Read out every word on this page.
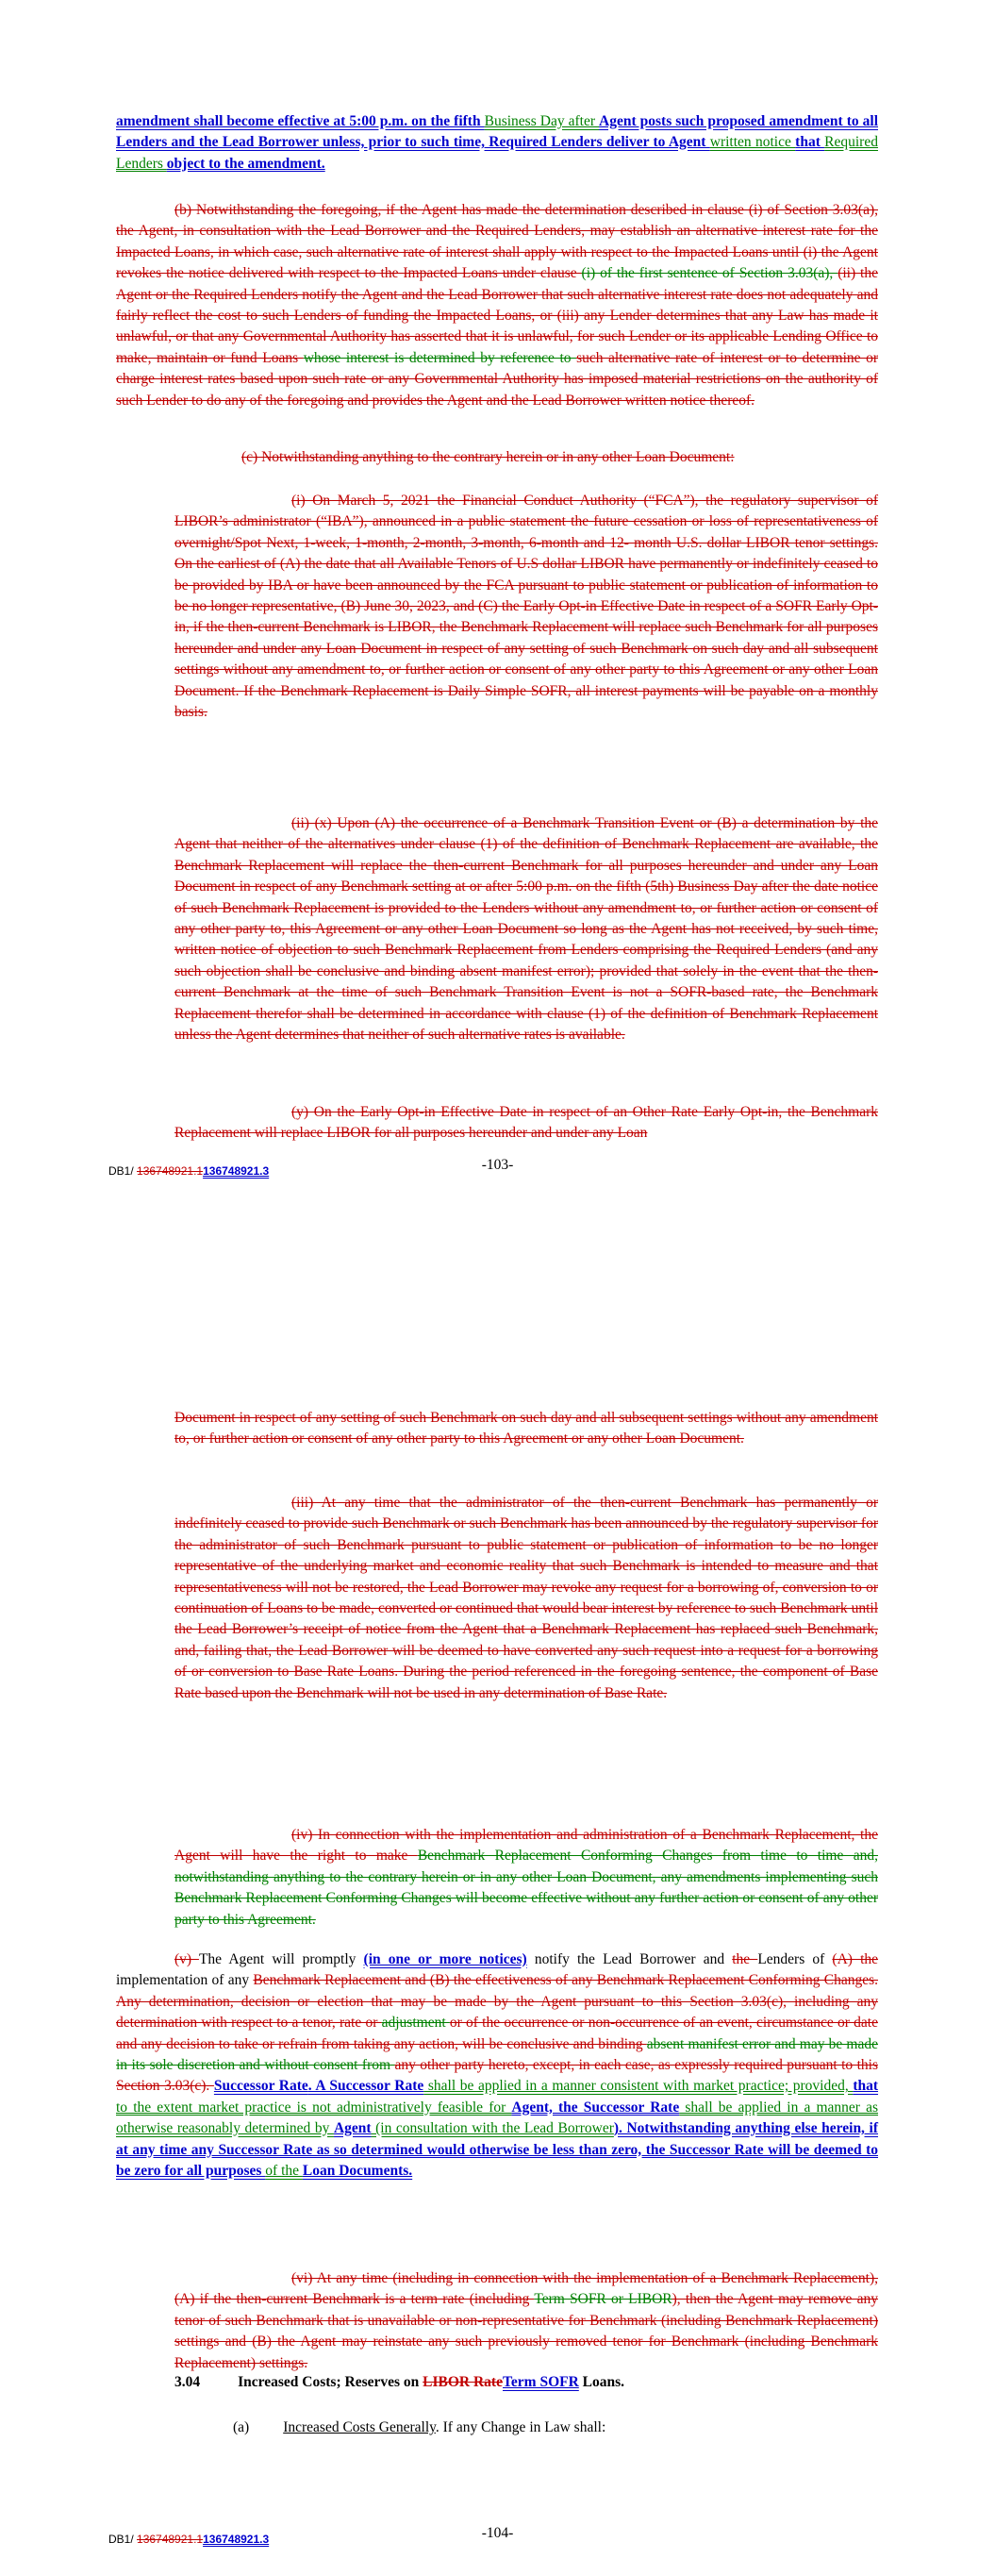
amendment shall become effective at 5:00 p.m. on the fifth Business Day after Agent posts such proposed amendment to all Lenders and the Lead Borrower unless, prior to such time, Required Lenders deliver to Agent written notice that Required Lenders object to the amendment.
(b) Notwithstanding the foregoing, if the Agent has made the determination described in clause (i) of Section 3.03(a), the Agent, in consultation with the Lead Borrower and the Required Lenders, may establish an alternative interest rate for the Impacted Loans, in which case, such alternative rate of interest shall apply with respect to the Impacted Loans until (i) the Agent revokes the notice delivered with respect to the Impacted Loans under clause (i) of the first sentence of Section 3.03(a), (ii) the Agent or the Required Lenders notify the Agent and the Lead Borrower that such alternative interest rate does not adequately and fairly reflect the cost to such Lenders of funding the Impacted Loans, or (iii) any Lender determines that any Law has made it unlawful, or that any Governmental Authority has asserted that it is unlawful, for such Lender or its applicable Lending Office to make, maintain or fund Loans whose interest is determined by reference to such alternative rate of interest or to determine or charge interest rates based upon such rate or any Governmental Authority has imposed material restrictions on the authority of such Lender to do any of the foregoing and provides the Agent and the Lead Borrower written notice thereof.
(c) Notwithstanding anything to the contrary herein or in any other Loan Document:
(i) On March 5, 2021 the Financial Conduct Authority (“FCA”), the regulatory supervisor of LIBOR’s administrator (“IBA”), announced in a public statement the future cessation or loss of representativeness of overnight/Spot Next, 1-week, 1-month, 2-month, 3-month, 6-month and 12- month U.S. dollar LIBOR tenor settings. On the earliest of (A) the date that all Available Tenors of U.S dollar LIBOR have permanently or indefinitely ceased to be provided by IBA or have been announced by the FCA pursuant to public statement or publication of information to be no longer representative, (B) June 30, 2023, and (C) the Early Opt-in Effective Date in respect of a SOFR Early Opt-in, if the then-current Benchmark is LIBOR, the Benchmark Replacement will replace such Benchmark for all purposes hereunder and under any Loan Document in respect of any setting of such Benchmark on such day and all subsequent settings without any amendment to, or further action or consent of any other party to this Agreement or any other Loan Document. If the Benchmark Replacement is Daily Simple SOFR, all interest payments will be payable on a monthly basis.
(ii) (x) Upon (A) the occurrence of a Benchmark Transition Event or (B) a determination by the Agent that neither of the alternatives under clause (1) of the definition of Benchmark Replacement are available, the Benchmark Replacement will replace the then-current Benchmark for all purposes hereunder and under any Loan Document in respect of any Benchmark setting at or after 5:00 p.m. on the fifth (5th) Business Day after the date notice of such Benchmark Replacement is provided to the Lenders without any amendment to, or further action or consent of any other party to, this Agreement or any other Loan Document so long as the Agent has not received, by such time, written notice of objection to such Benchmark Replacement from Lenders comprising the Required Lenders (and any such objection shall be conclusive and binding absent manifest error); provided that solely in the event that the then-current Benchmark at the time of such Benchmark Transition Event is not a SOFR-based rate, the Benchmark Replacement therefor shall be determined in accordance with clause (1) of the definition of Benchmark Replacement unless the Agent determines that neither of such alternative rates is available.
(y) On the Early Opt-in Effective Date in respect of an Other Rate Early Opt-in, the Benchmark Replacement will replace LIBOR for all purposes hereunder and under any Loan
DB1/ 136748921.1136748921.3	-103-
Document in respect of any setting of such Benchmark on such day and all subsequent settings without any amendment to, or further action or consent of any other party to this Agreement or any other Loan Document.
(iii) At any time that the administrator of the then-current Benchmark has permanently or indefinitely ceased to provide such Benchmark or such Benchmark has been announced by the regulatory supervisor for the administrator of such Benchmark pursuant to public statement or publication of information to be no longer representative of the underlying market and economic reality that such Benchmark is intended to measure and that representativeness will not be restored, the Lead Borrower may revoke any request for a borrowing of, conversion to or continuation of Loans to be made, converted or continued that would bear interest by reference to such Benchmark until the Lead Borrower’s receipt of notice from the Agent that a Benchmark Replacement has replaced such Benchmark, and, failing that, the Lead Borrower will be deemed to have converted any such request into a request for a borrowing of or conversion to Base Rate Loans. During the period referenced in the foregoing sentence, the component of Base Rate based upon the Benchmark will not be used in any determination of Base Rate.
(iv) In connection with the implementation and administration of a Benchmark Replacement, the Agent will have the right to make Benchmark Replacement Conforming Changes from time to time and, notwithstanding anything to the contrary herein or in any other Loan Document, any amendments implementing such Benchmark Replacement Conforming Changes will become effective without any further action or consent of any other party to this Agreement.
(v) The Agent will promptly (in one or more notices) notify the Lead Borrower and the Lenders of (A) the implementation of any Benchmark Replacement and (B) the effectiveness of any Benchmark Replacement Conforming Changes. Any determination, decision or election that may be made by the Agent pursuant to this Section 3.03(c), including any determination with respect to a tenor, rate or adjustment or of the occurrence or non-occurrence of an event, circumstance or date and any decision to take or refrain from taking any action, will be conclusive and binding absent manifest error and may be made in its sole discretion and without consent from any other party hereto, except, in each case, as expressly required pursuant to this Section 3.03(c). Successor Rate. A Successor Rate shall be applied in a manner consistent with market practice; provided, that to the extent market practice is not administratively feasible for Agent, the Successor Rate shall be applied in a manner as otherwise reasonably determined by Agent (in consultation with the Lead Borrower). Notwithstanding anything else herein, if at any time any Successor Rate as so determined would otherwise be less than zero, the Successor Rate will be deemed to be zero for all purposes of the Loan Documents.
(vi) At any time (including in connection with the implementation of a Benchmark Replacement), (A) if the then-current Benchmark is a term rate (including Term SOFR or LIBOR), then the Agent may remove any tenor of such Benchmark that is unavailable or non-representative for Benchmark (including Benchmark Replacement) settings and (B) the Agent may reinstate any such previously removed tenor for Benchmark (including Benchmark Replacement) settings.
3.04	Increased Costs; Reserves on LIBOR RateTerm SOFR Loans.
(a) Increased Costs Generally. If any Change in Law shall:
DB1/ 136748921.1136748921.3	-104-
